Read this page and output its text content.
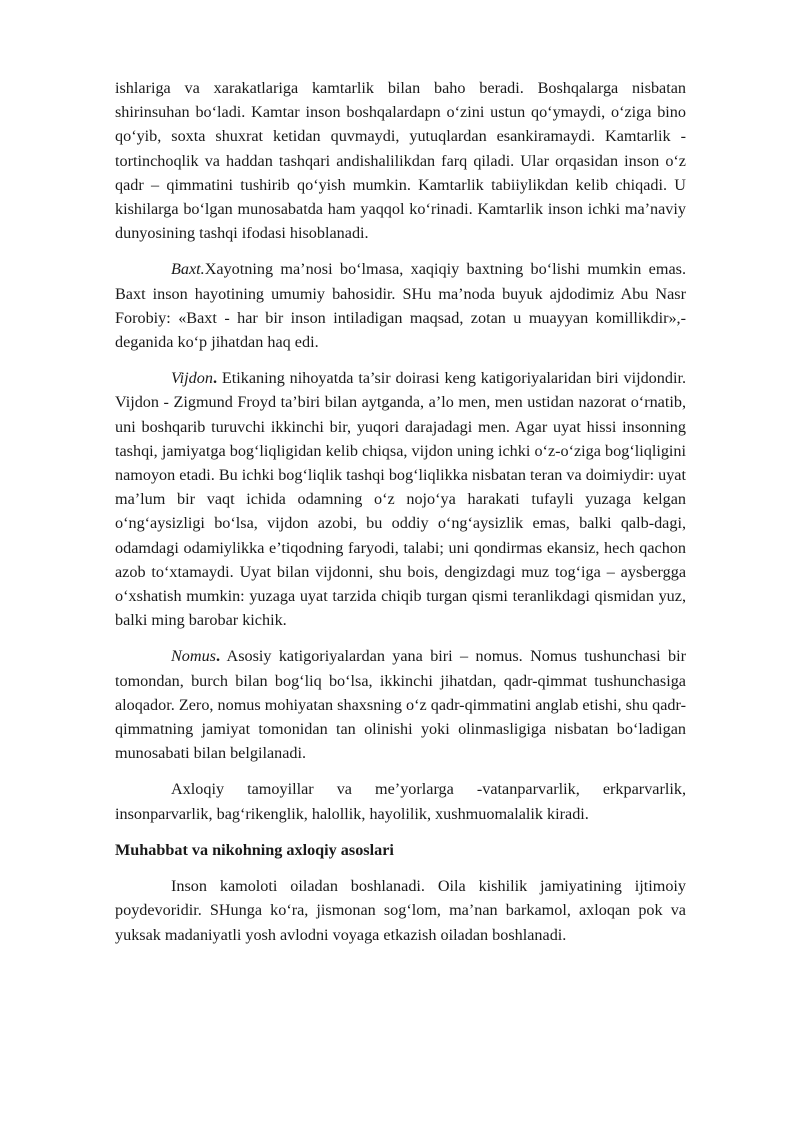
ishlariga va xarakatlariga kamtarlik bilan baho beradi. Boshqalarga nisbatan shirinsuhan bo‘ladi. Kamtar inson boshqalardapn o‘zini ustun qo‘ymaydi, o‘ziga bino qo‘yib, soxta shuxrat ketidan quvmaydi, yutuqlardan esankiramaydi. Kamtarlik - tortinchoqlik va haddan tashqari andishalilikdan farq qiladi. Ular orqasidan inson o‘z qadr – qimmatini tushirib qo‘yish mumkin. Kamtarlik tabiiylikdan kelib chiqadi. U kishilarga bo‘lgan munosabatda ham yaqqol ko‘rinadi. Kamtarlik inson ichki ma’naviy dunyosining tashqi ifodasi hisoblanadi.

Baxt.Xayotning ma’nosi bo‘lmasa, xaqiqiy baxtning bo‘lishi mumkin emas. Baxt inson hayotining umumiy bahosidir. SHu ma’noda buyuk ajdodimiz Abu Nasr Forobiy: «Baxt - har bir inson intiladigan maqsad, zotan u muayyan komillikdir»,- deganida ko‘p jihatdan haq edi.

Vijdon. Etikaning nihoyatda ta’sir doirasi keng katigoriyalaridan biri vijdondir. Vijdon - Zigmund Froyd ta’biri bilan aytganda, a’lo men, men ustidan nazorat o‘rnatib, uni boshqarib turuvchi ikkinchi bir, yuqori darajadagi men. Agar uyat hissi insonning tashqi, jamiyatga bog‘liqligidan kelib chiqsa, vijdon uning ichki o‘z-o‘ziga bog‘liqligini namoyon etadi. Bu ichki bog‘liqlik tashqi bog‘liqlikka nisbatan teran va doimiydir: uyat ma’lum bir vaqt ichida odamning o‘z nojo‘ya harakati tufayli yuzaga kelgan o‘ng‘aysizligi bo‘lsa, vijdon azobi, bu oddiy o‘ng‘aysizlik emas, balki qalb-dagi, odamdagi odamiylikka e’tiqodning faryodi, talabi; uni qondirmas ekansiz, hech qachon azob to‘xtamaydi. Uyat bilan vijdonni, shu bois, dengizdagi muz tog‘iga – aysbergga o‘xshatish mumkin: yuzaga uyat tarzida chiqib turgan qismi teranlikdagi qismidan yuz, balki ming barobar kichik.

Nomus. Asosiy katigoriyalardan yana biri – nomus. Nomus tushunchasi bir tomondan, burch bilan bog‘liq bo‘lsa, ikkinchi jihatdan, qadr-qimmat tushunchasiga aloqador. Zero, nomus mohiyatan shaxsning o‘z qadr-qimmatini anglab etishi, shu qadr-qimmatning jamiyat tomonidan tan olinishi yoki olinmasligiga nisbatan bo‘ladigan munosabati bilan belgilanadi.

Axloqiy tamoyillar va me’yorlarga -vatanparvarlik, erkparvarlik, insonparvarlik, bag‘rikenglik, halollik, hayolilik, xushmuomalalik kiradi.

Muhabbat va nikohning axloqiy asoslari

Inson kamoloti oiladan boshlanadi. Oila kishilik jamiyatining ijtimoiy poydevoridir. SHunga ko‘ra, jismonan sog‘lom, ma’nan barkamol, axloqan pok va yuksak madaniyatli yosh avlodni voyaga etkazish oiladan boshlanadi.
